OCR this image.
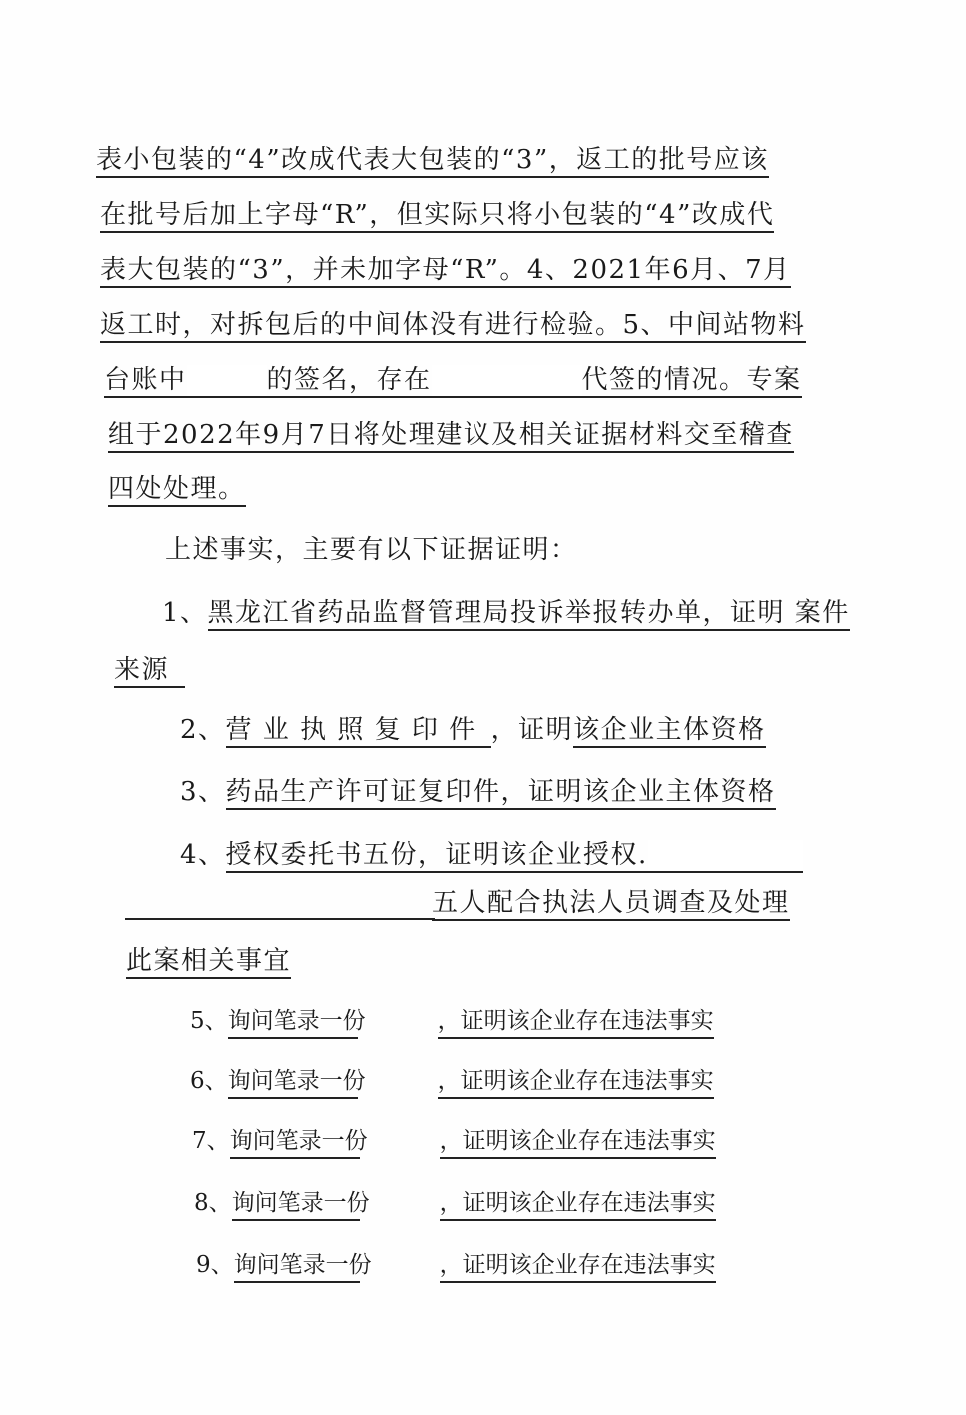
表小包装的“4”改成代表大包装的“3”，返工的批号应该
在批号后加上字母“R”，但实际只将小包装的“4”改成代
表大包装的“3”，并未加字母“R”。4、2021年6月、7月
返工时，对拆包后的中间体没有进行检验。5、中间站物料
台账中	的签名，存在	代签的情况。专案
组于2022年9月7日将处理建议及相关证据材料交至稽查
四处处理。
上述事实，主要有以下证据证明：
1、黑龙江省药品监督管理局投诉举报转办单，证明 案件
来源
2、营 业 执 照 复 印 件 ，证明该企业主体资格
3、药品生产许可证复印件，证明该企业主体资格
4、授权委托书五份，证明该企业授权.
五人配合执法人员调查及处理
此案相关事宜
5、询问笔录一份	，证明该企业存在违法事实
6、询问笔录一份	，证明该企业存在违法事实
7、询问笔录一份	，证明该企业存在违法事实
8、询问笔录一份	，证明该企业存在违法事实
9、询问笔录一份	，证明该企业存在违法事实
